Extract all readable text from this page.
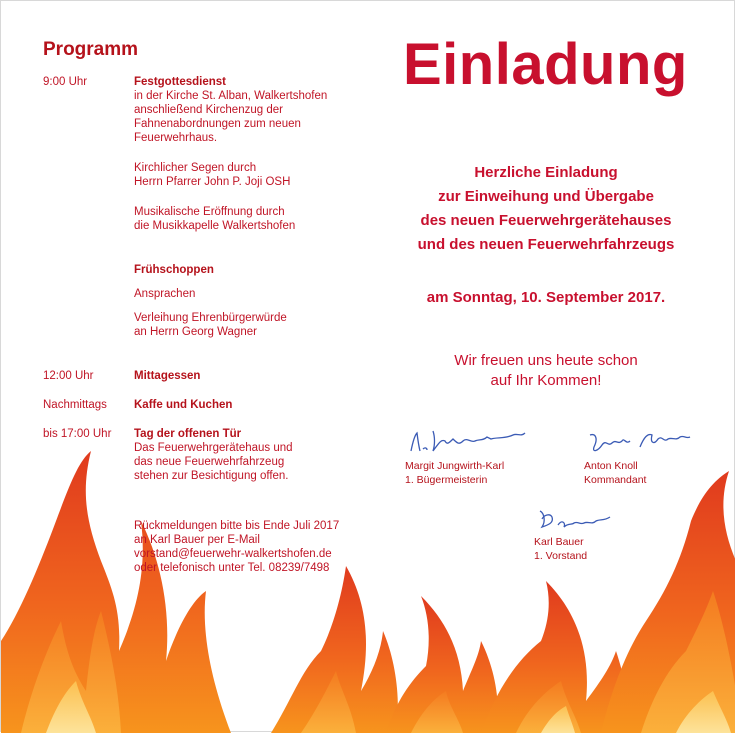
Programm
9:00 Uhr	Festgottesdienst
in der Kirche St. Alban, Walkertshofen
anschließend Kirchenzug der
Fahnenabordnungen zum neuen
Feuerwehrhaus.
Kirchlicher Segen durch
Herrn Pfarrer John P. Joji OSH
Musikalische Eröffnung durch
die Musikkapelle Walkertshofen
Frühschoppen
Ansprachen
Verleihung Ehrenbürgerwürde
an Herrn Georg Wagner
12:00 Uhr	Mittagessen
Nachmittags Kaffe und Kuchen
bis 17:00 Uhr Tag der offenen Tür
Das Feuerwehrgerätehaus und
das neue Feuerwehrfahrzeug
stehen zur Besichtigung offen.
Rückmeldungen bitte bis Ende Juli 2017
an Karl Bauer per E-Mail
vorstand@feuerwehr-walkertshofen.de
oder telefonisch unter Tel. 08239/7498
Einladung
Herzliche Einladung
zur Einweihung und Übergabe
des neuen Feuerwehrgerätehauses
und des neuen Feuerwehrfahrzeugs
am Sonntag, 10. September 2017.
Wir freuen uns heute schon
auf Ihr Kommen!
Margit Jungwirth-Karl
1. Bügermeisterin
Anton Knoll
Kommandant
Karl Bauer
1. Vorstand
